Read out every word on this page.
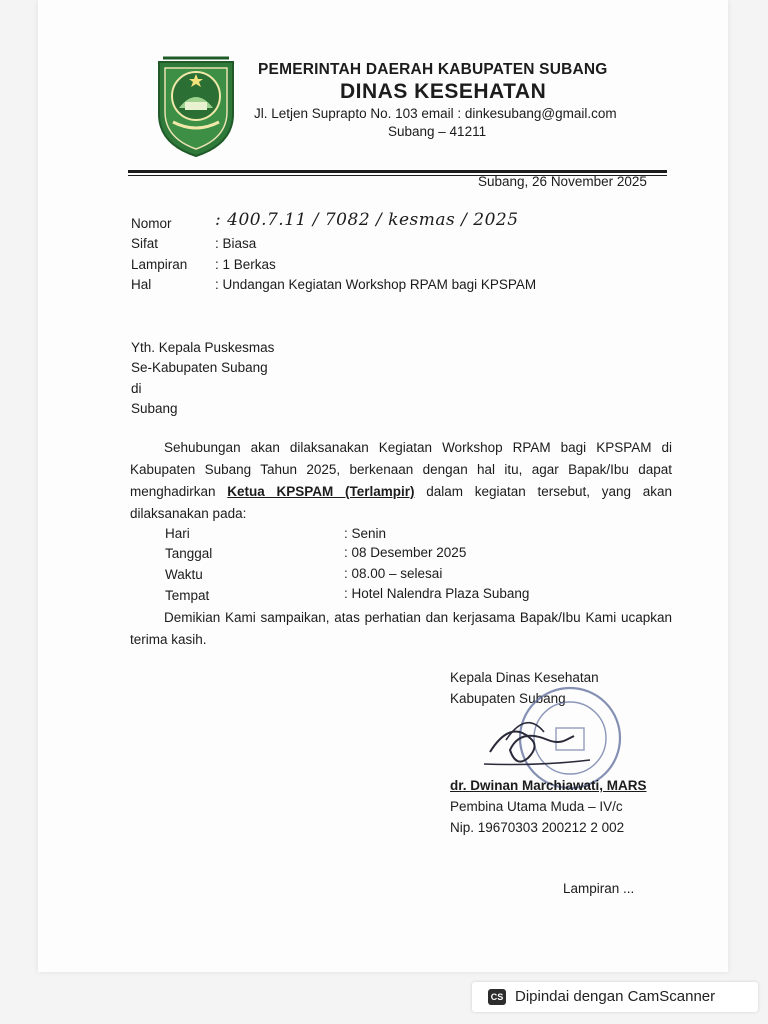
PEMERINTAH DAERAH KABUPATEN SUBANG
DINAS KESEHATAN
Jl. Letjen Suprapto No. 103 email : dinkesubang@gmail.com
Subang – 41211
Subang, 26 November 2025
Nomor	: 400.7.11 / 7082 / kesmas / 2025
Sifat	: Biasa
Lampiran : 1 Berkas
Hal	: Undangan Kegiatan Workshop RPAM bagi KPSPAM
Yth. Kepala Puskesmas
Se-Kabupaten Subang
di
Subang
Sehubungan akan dilaksanakan Kegiatan Workshop RPAM bagi KPSPAM di Kabupaten Subang Tahun 2025, berkenaan dengan hal itu, agar Bapak/Ibu dapat menghadirkan Ketua KPSPAM (Terlampir) dalam kegiatan tersebut, yang akan dilaksanakan pada:
Hari	: Senin
Tanggal	: 08 Desember 2025
Waktu	: 08.00 – selesai
Tempat	: Hotel Nalendra Plaza Subang
Demikian Kami sampaikan, atas perhatian dan kerjasama Bapak/Ibu Kami ucapkan terima kasih.
Kepala Dinas Kesehatan
Kabupaten Subang
dr. Dwinan Marchiawati, MARS
Pembina Utama Muda – IV/c
Nip. 19670303 200212 2 002
Lampiran ...
CS Dipindai dengan CamScanner
